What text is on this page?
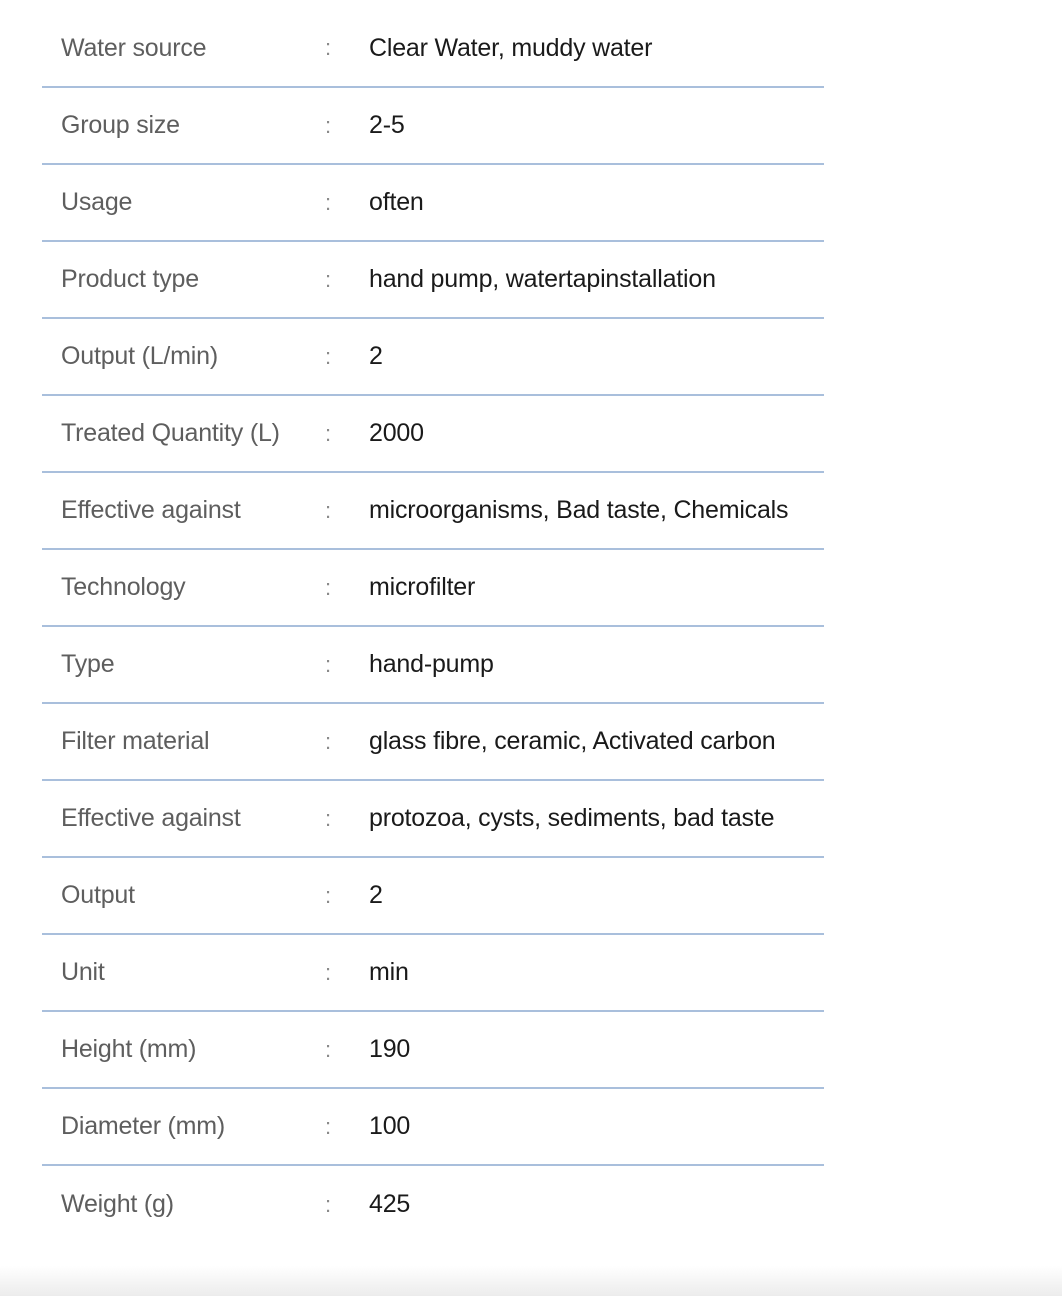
Water source	:	Clear Water, muddy water
Group size	:	2-5
Usage	:	often
Product type	:	hand pump, watertapinstallation
Output (L/min)	:	2
Treated Quantity (L)	:	2000
Effective against	:	microorganisms, Bad taste, Chemicals
Technology	:	microfilter
Type	:	hand-pump
Filter material	:	glass fibre, ceramic, Activated carbon
Effective against	:	protozoa, cysts, sediments, bad taste
Output	:	2
Unit	:	min
Height (mm)	:	190
Diameter (mm)	:	100
Weight (g)	:	425
